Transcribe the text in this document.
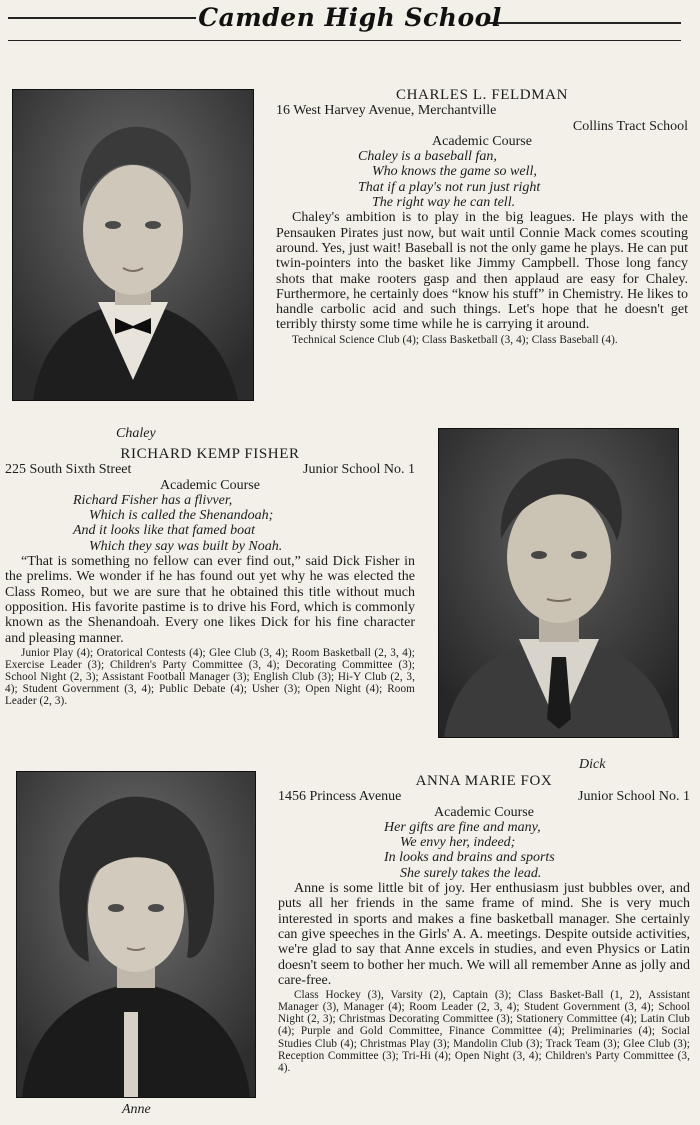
Camden High School
CHARLES L. FELDMAN
16 West Harvey Avenue, Merchantville
Collins Tract School
Academic Course
Chaley is a baseball fan,
Who knows the game so well,
That if a play's not run just right
The right way he can tell.

Chaley's ambition is to play in the big leagues. He plays with the Pensauken Pirates just now, but wait until Connie Mack comes scouting around. Yes, just wait! Baseball is not the only game he plays. He can put twin-pointers into the basket like Jimmy Campbell. Those long fancy shots that make rooters gasp and then applaud are easy for Chaley. Furthermore, he certainly does “know his stuff” in Chemistry. He likes to handle carbolic acid and such things. Let's hope that he doesn't get terribly thirsty some time while he is carrying it around.

Technical Science Club (4); Class Basketball (3, 4); Class Baseball (4).

Chaley
RICHARD KEMP FISHER
225 South Sixth Street	Junior School No. 1
Academic Course
Richard Fisher has a flivver,
Which is called the Shenandoah;
And it looks like that famed boat
Which they say was built by Noah.

“That is something no fellow can ever find out,” said Dick Fisher in the prelims. We wonder if he has found out yet why he was elected the Class Romeo, but we are sure that he obtained this title without much opposition. His favorite pastime is to drive his Ford, which is commonly known as the Shenandoah. Every one likes Dick for his fine character and pleasing manner.

Junior Play (4); Oratorical Contests (4); Glee Club (3, 4); Room Basketball (2, 3, 4); Exercise Leader (3); Children's Party Committee (3, 4); Decorating Committee (3); School Night (2, 3); Assistant Football Manager (3); English Club (3); Hi-Y Club (2, 3, 4); Student Government (3, 4); Public Debate (4); Usher (3); Open Night (4); Room Leader (2, 3).

Dick
ANNA MARIE FOX
1456 Princess Avenue	Junior School No. 1
Academic Course
Her gifts are fine and many,
We envy her, indeed;
In looks and brains and sports
She surely takes the lead.

Anne is some little bit of joy. Her enthusiasm just bubbles over, and puts all her friends in the same frame of mind. She is very much interested in sports and makes a fine basketball manager. She certainly can give speeches in the Girls' A. A. meetings. Despite outside activities, we're glad to say that Anne excels in studies, and even Physics or Latin doesn't seem to bother her much. We will all remember Anne as jolly and care-free.

Class Hockey (3), Varsity (2), Captain (3); Class Basket-Ball (1, 2), Assistant Manager (3), Manager (4); Room Leader (2, 3, 4); Student Government (3, 4); School Night (2, 3); Christmas Decorating Committee (3); Stationery Committee (4); Latin Club (4); Purple and Gold Committee, Finance Committee (4); Preliminaries (4); Social Studies Club (4); Christmas Play (3); Mandolin Club (3); Track Team (3); Glee Club (3); Reception Committee (3); Tri-Hi (4); Open Night (3, 4); Children's Party Committee (3, 4).

Anne
